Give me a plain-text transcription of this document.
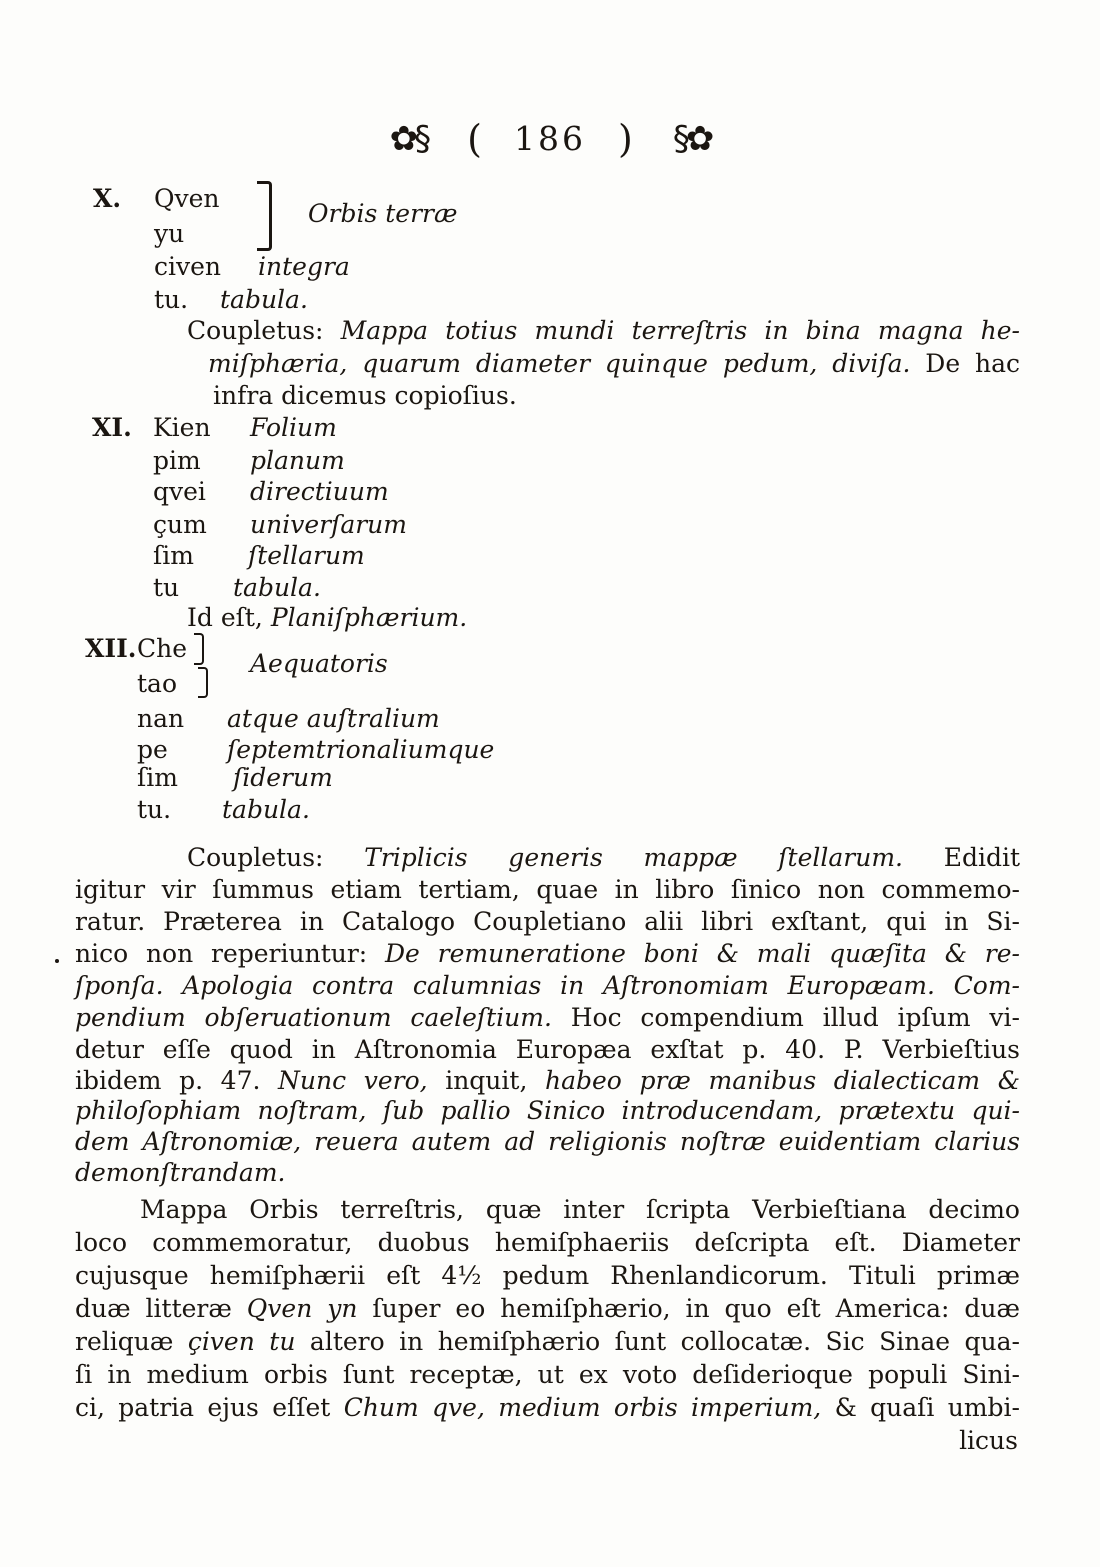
✿§ ( 186 ) §✿
X. Qven
Orbis terræ
yu
civen integra
tu. tabula.
Coupletus: Mappa totius mundi terreſtris in bina magna he-
miſphæria, quarum diameter quinque pedum, diviſa. De hac
infra dicemus copioſius.
XI. Kien Folium
pim planum
qvei directiuum
çum univerſarum
ſim ſtellarum
tu tabula.
Id eſt, Planiſphærium.
XII.Che
tao
Aequatoris
nan atque auſtralium
pe ſeptemtrionaliumque
ſim ſiderum
tu. tabula.
Coupletus: Triplicis generis mappæ ſtellarum. Edidit
igitur vir ſummus etiam tertiam, quae in libro ſinico non commemo-
ratur. Præterea in Catalogo Coupletiano alii libri exſtant, qui in Si-
nico non reperiuntur: De remuneratione boni & mali quæſita & re-
ſponſa. Apologia contra calumnias in Aſtronomiam Europæam. Com-
pendium obſeruationum caeleſtium. Hoc compendium illud ipſum vi-
detur eſſe quod in Aſtronomia Europæa exſtat p. 40. P. Verbieſtius
ibidem p. 47. Nunc vero, inquit, habeo præ manibus dialecticam &
philoſophiam noſtram, ſub pallio Sinico introducendam, prætextu qui-
dem Aſtronomiæ, reuera autem ad religionis noſtræ euidentiam clarius
demonſtrandam.
Mappa Orbis terreſtris, quæ inter ſcripta Verbieſtiana decimo
loco commemoratur, duobus hemiſphaeriis deſcripta eſt. Diameter
cujusque hemiſphærii eſt 4½ pedum Rhenlandicorum. Tituli primæ
duæ litteræ Qven yn ſuper eo hemiſphærio, in quo eſt America: duæ
reliquæ çiven tu altero in hemiſphærio ſunt collocatæ. Sic Sinae qua-
ſi in medium orbis ſunt receptæ, ut ex voto deſiderioque populi Sini-
ci, patria ejus eſſet Chum qve, medium orbis imperium, & quaſi umbi-
licus
